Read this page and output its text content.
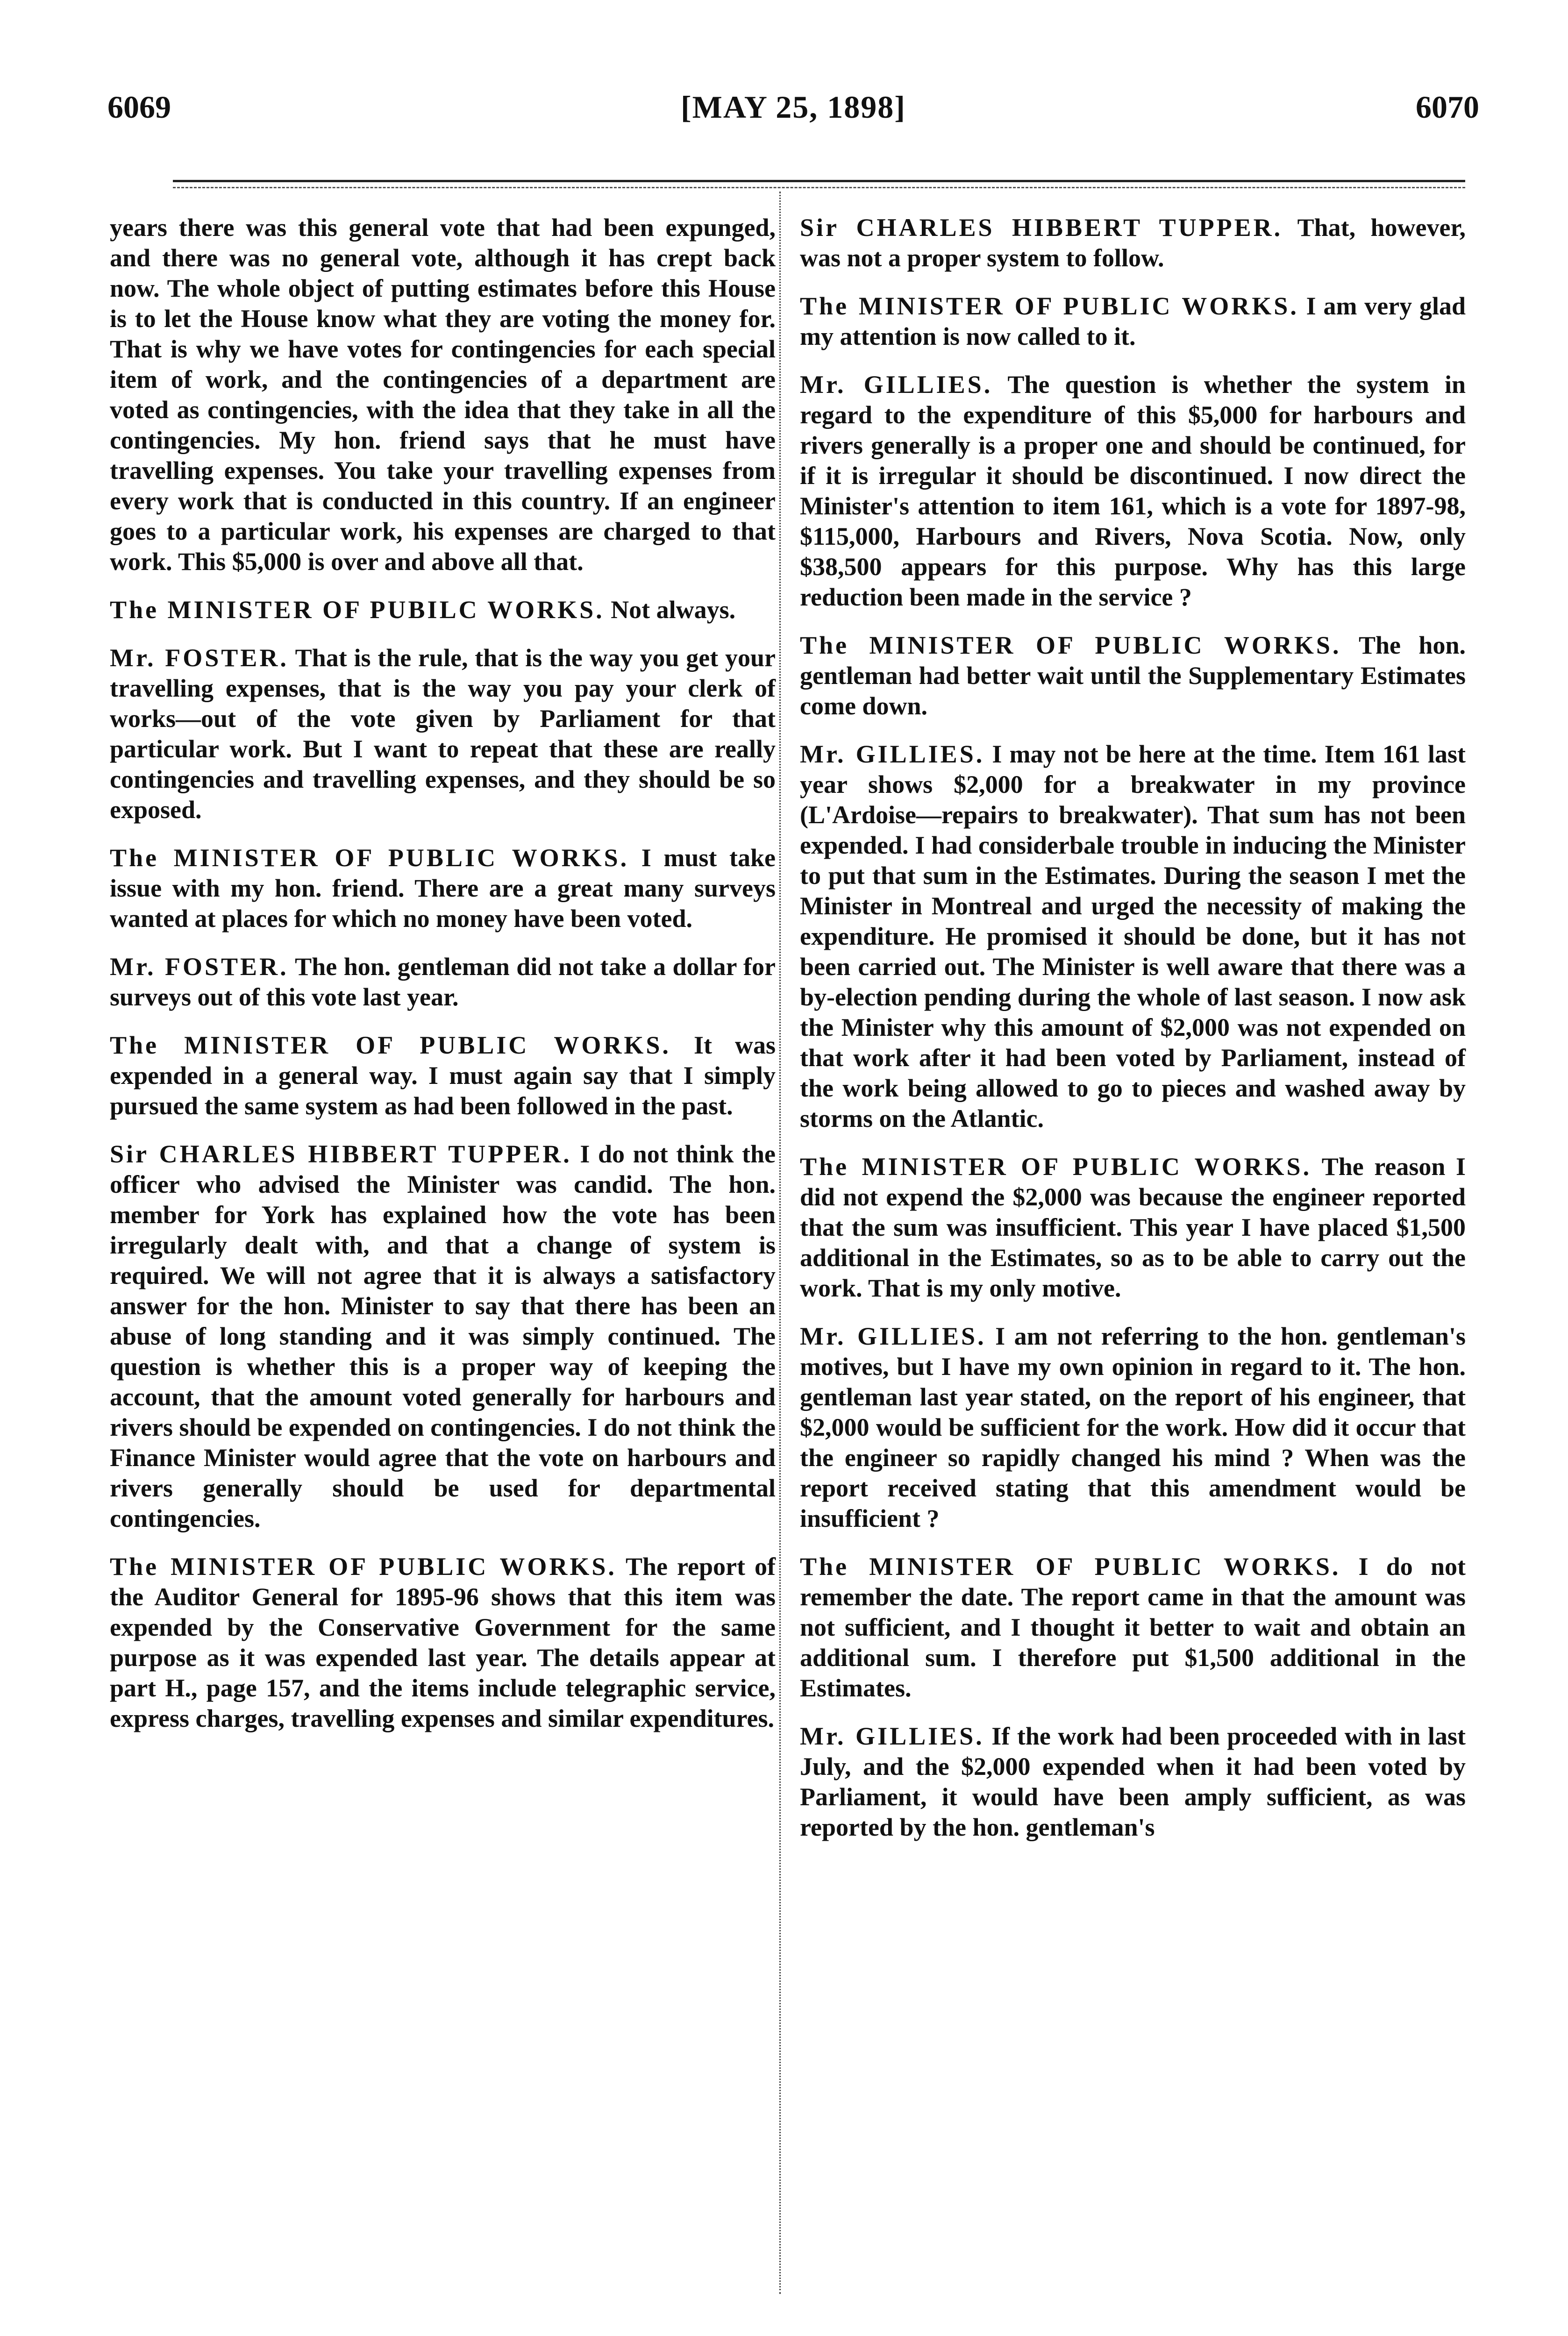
6069	[MAY 25, 1898]	6070

years there was this general vote that had been expunged, and there was no general vote, although it has crept back now. The whole object of putting estimates before this House is to let the House know what they are voting the money for. That is why we have votes for contingencies for each special item of work, and the contingencies of a department are voted as contingencies, with the idea that they take in all the contingencies. My hon. friend says that he must have travelling expenses. You take your travelling expenses from every work that is conducted in this country. If an engineer goes to a particular work, his expenses are charged to that work. This $5,000 is over and above all that.

The MINISTER OF PUBILC WORKS. Not always.

Mr. FOSTER. That is the rule, that is the way you get your travelling expenses, that is the way you pay your clerk of works—out of the vote given by Parliament for that particular work. But I want to repeat that these are really contingencies and travelling expenses, and they should be so exposed.

The MINISTER OF PUBLIC WORKS. I must take issue with my hon. friend. There are a great many surveys wanted at places for which no money have been voted.

Mr. FOSTER. The hon. gentleman did not take a dollar for surveys out of this vote last year.

The MINISTER OF PUBLIC WORKS. It was expended in a general way. I must again say that I simply pursued the same system as had been followed in the past.

Sir CHARLES HIBBERT TUPPER. I do not think the officer who advised the Minister was candid. The hon. member for York has explained how the vote has been irregularly dealt with, and that a change of system is required. We will not agree that it is always a satisfactory answer for the hon. Minister to say that there has been an abuse of long standing and it was simply continued. The question is whether this is a proper way of keeping the account, that the amount voted generally for harbours and rivers should be expended on contingencies. I do not think the Finance Minister would agree that the vote on harbours and rivers generally should be used for departmental contingencies.

The MINISTER OF PUBLIC WORKS. The report of the Auditor General for 1895-96 shows that this item was expended by the Conservative Government for the same purpose as it was expended last year. The details appear at part H., page 157, and the items include telegraphic service, express charges, travelling expenses and similar expenditures.

Sir CHARLES HIBBERT TUPPER. That, however, was not a proper system to follow.

The MINISTER OF PUBLIC WORKS. I am very glad my attention is now called to it.

Mr. GILLIES. The question is whether the system in regard to the expenditure of this $5,000 for harbours and rivers generally is a proper one and should be continued, for if it is irregular it should be discontinued. I now direct the Minister's attention to item 161, which is a vote for 1897-98, $115,000, Harbours and Rivers, Nova Scotia. Now, only $38,500 appears for this purpose. Why has this large reduction been made in the service ?

The MINISTER OF PUBLIC WORKS. The hon. gentleman had better wait until the Supplementary Estimates come down.

Mr. GILLIES. I may not be here at the time. Item 161 last year shows $2,000 for a breakwater in my province (L'Ardoise—repairs to breakwater). That sum has not been expended. I had considerbale trouble in inducing the Minister to put that sum in the Estimates. During the season I met the Minister in Montreal and urged the necessity of making the expenditure. He promised it should be done, but it has not been carried out. The Minister is well aware that there was a by-election pending during the whole of last season. I now ask the Minister why this amount of $2,000 was not expended on that work after it had been voted by Parliament, instead of the work being allowed to go to pieces and washed away by storms on the Atlantic.

The MINISTER OF PUBLIC WORKS. The reason I did not expend the $2,000 was because the engineer reported that the sum was insufficient. This year I have placed $1,500 additional in the Estimates, so as to be able to carry out the work. That is my only motive.

Mr. GILLIES. I am not referring to the hon. gentleman's motives, but I have my own opinion in regard to it. The hon. gentleman last year stated, on the report of his engineer, that $2,000 would be sufficient for the work. How did it occur that the engineer so rapidly changed his mind ? When was the report received stating that this amendment would be insufficient ?

The MINISTER OF PUBLIC WORKS. I do not remember the date. The report came in that the amount was not sufficient, and I thought it better to wait and obtain an additional sum. I therefore put $1,500 additional in the Estimates.

Mr. GILLIES. If the work had been proceeded with in last July, and the $2,000 expended when it had been voted by Parliament, it would have been amply sufficient, as was reported by the hon. gentleman's
